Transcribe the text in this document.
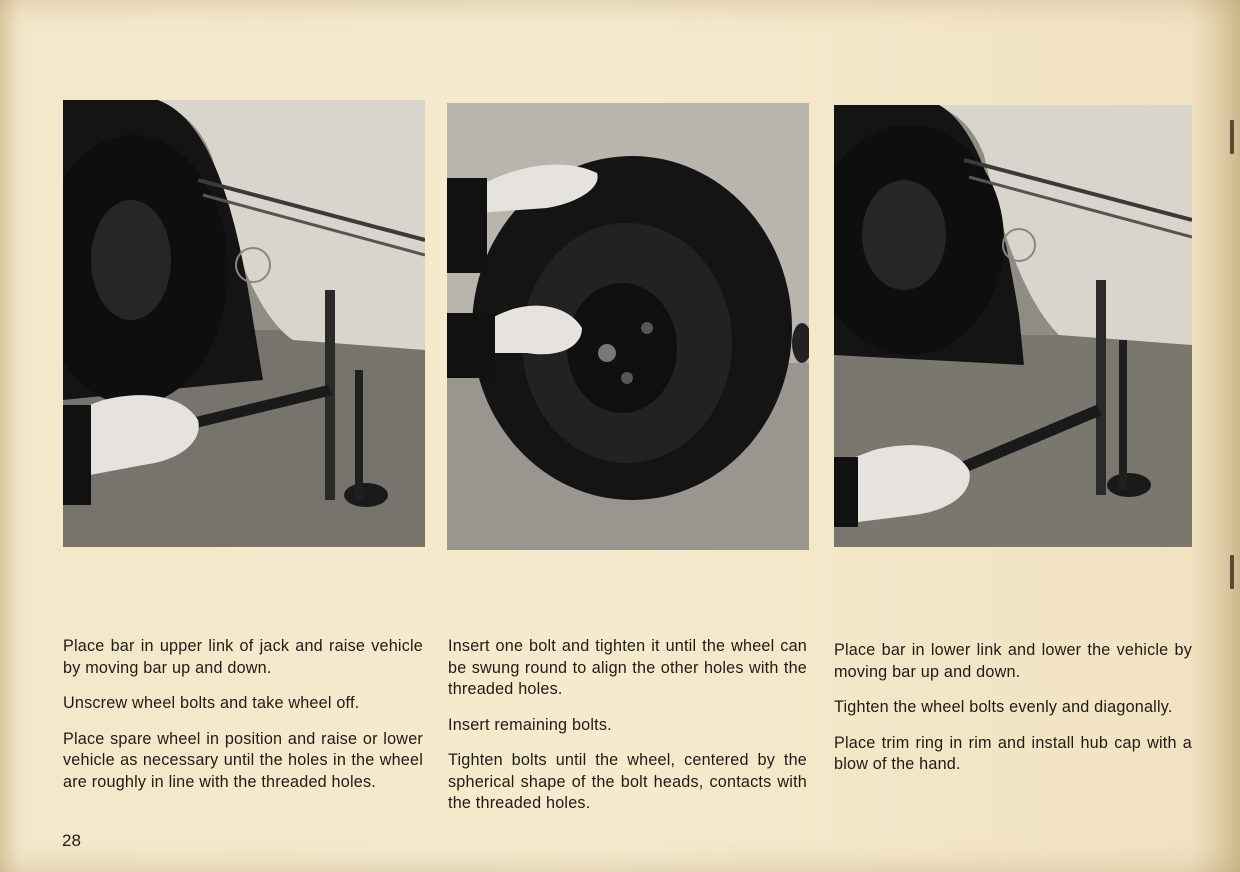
Place bar in upper link of jack and raise vehicle by moving bar up and down.

Unscrew wheel bolts and take wheel off.

Place spare wheel in position and raise or lower vehicle as necessary until the holes in the wheel are roughly in line with the threaded holes.

Insert one bolt and tighten it until the wheel can be swung round to align the other holes with the threaded holes.

Insert remaining bolts.

Tighten bolts until the wheel, centered by the spherical shape of the bolt heads, contacts with the threaded holes.

Place bar in lower link and lower the vehicle by moving bar up and down.

Tighten the wheel bolts evenly and diagonally.

Place trim ring in rim and install hub cap with a blow of the hand.

28
